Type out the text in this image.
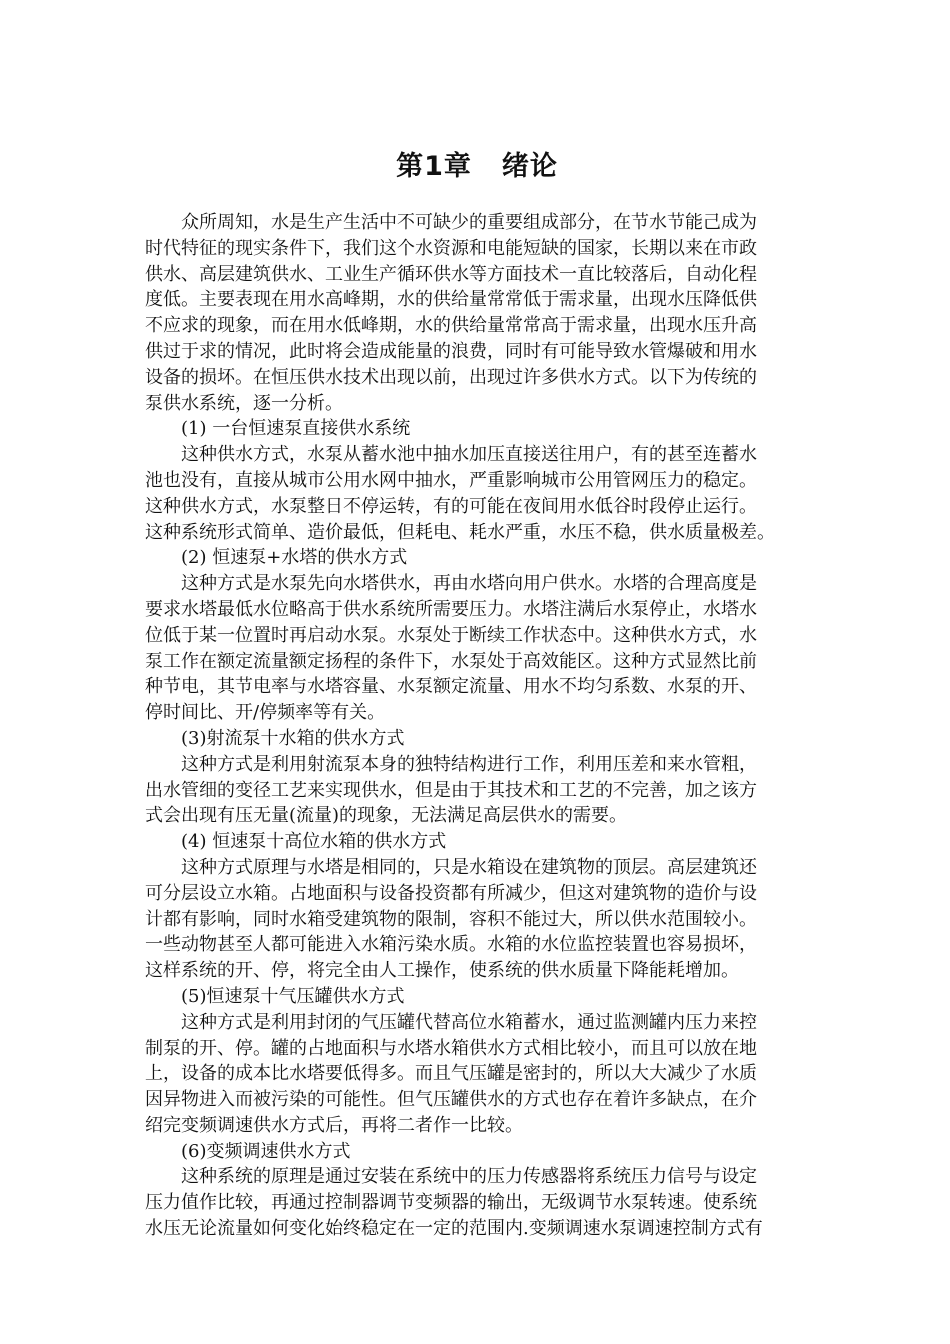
第1章 绪论
众所周知，水是生产生活中不可缺少的重要组成部分，在节水节能己成为
时代特征的现实条件下，我们这个水资源和电能短缺的国家，长期以来在市政
供水、高层建筑供水、工业生产循环供水等方面技术一直比较落后，自动化程
度低。主要表现在用水高峰期，水的供给量常常低于需求量，出现水压降低供
不应求的现象，而在用水低峰期，水的供给量常常高于需求量，出现水压升高
供过于求的情况，此时将会造成能量的浪费，同时有可能导致水管爆破和用水
设备的损坏。在恒压供水技术出现以前，出现过许多供水方式。以下为传统的
泵供水系统，逐一分析。
(1) 一台恒速泵直接供水系统
这种供水方式，水泵从蓄水池中抽水加压直接送往用户，有的甚至连蓄水
池也没有，直接从城市公用水网中抽水，严重影响城市公用管网压力的稳定。
这种供水方式，水泵整日不停运转，有的可能在夜间用水低谷时段停止运行。
这种系统形式简单、造价最低，但耗电、耗水严重，水压不稳，供水质量极差。
(2) 恒速泵+水塔的供水方式
这种方式是水泵先向水塔供水，再由水塔向用户供水。水塔的合理高度是
要求水塔最低水位略高于供水系统所需要压力。水塔注满后水泵停止，水塔水
位低于某一位置时再启动水泵。水泵处于断续工作状态中。这种供水方式，水
泵工作在额定流量额定扬程的条件下，水泵处于高效能区。这种方式显然比前
种节电，其节电率与水塔容量、水泵额定流量、用水不均匀系数、水泵的开、
停时间比、开/停频率等有关。
(3)射流泵十水箱的供水方式
这种方式是利用射流泵本身的独特结构进行工作，利用压差和来水管粗，
出水管细的变径工艺来实现供水，但是由于其技术和工艺的不完善，加之该方
式会出现有压无量(流量)的现象，无法满足高层供水的需要。
(4) 恒速泵十高位水箱的供水方式
这种方式原理与水塔是相同的，只是水箱设在建筑物的顶层。高层建筑还
可分层设立水箱。占地面积与设备投资都有所减少，但这对建筑物的造价与设
计都有影响，同时水箱受建筑物的限制，容积不能过大，所以供水范围较小。
一些动物甚至人都可能进入水箱污染水质。水箱的水位监控装置也容易损坏，
这样系统的开、停，将完全由人工操作，使系统的供水质量下降能耗增加。
(5)恒速泵十气压罐供水方式
这种方式是利用封闭的气压罐代替高位水箱蓄水，通过监测罐内压力来控
制泵的开、停。罐的占地面积与水塔水箱供水方式相比较小，而且可以放在地
上，设备的成本比水塔要低得多。而且气压罐是密封的，所以大大减少了水质
因异物进入而被污染的可能性。但气压罐供水的方式也存在着许多缺点，在介
绍完变频调速供水方式后，再将二者作一比较。
(6)变频调速供水方式
这种系统的原理是通过安装在系统中的压力传感器将系统压力信号与设定
压力值作比较，再通过控制器调节变频器的输出，无级调节水泵转速。使系统
水压无论流量如何变化始终稳定在一定的范围内.变频调速水泵调速控制方式有
